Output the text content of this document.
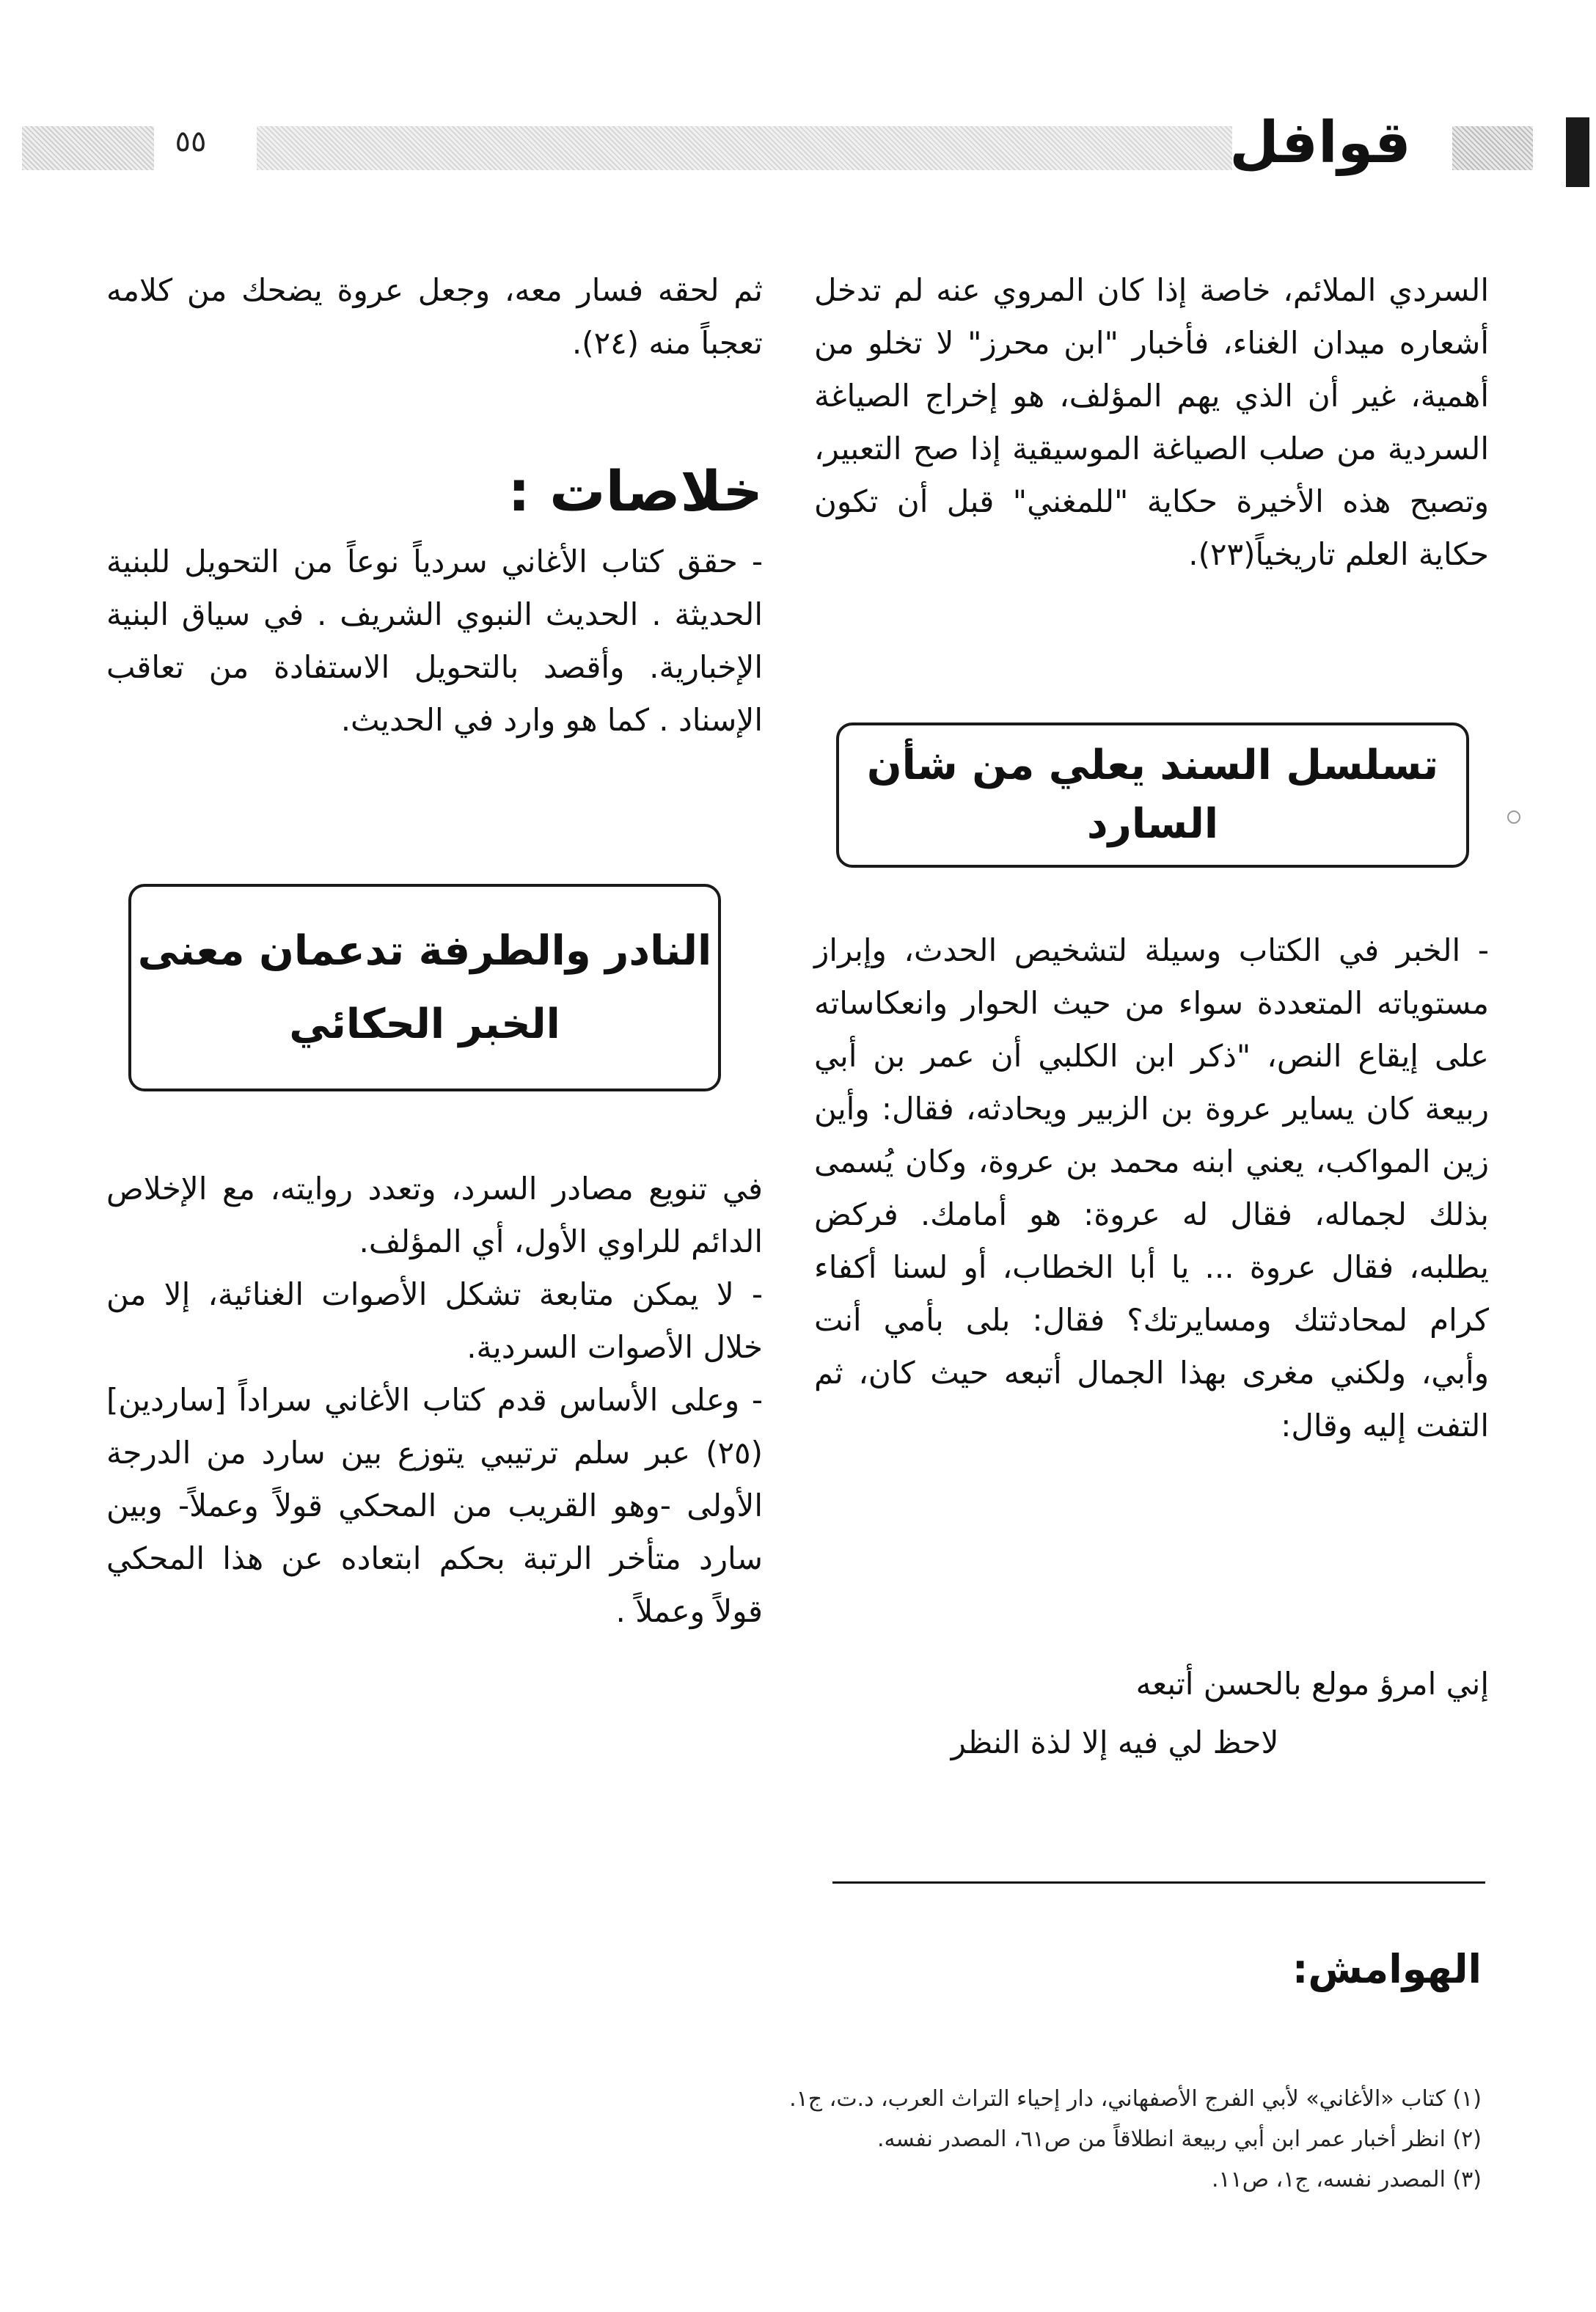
٥٥	قوافل

السردي الملائم، خاصة إذا كان المروي عنه لم تدخل أشعاره ميدان الغناء، فأخبار "ابن محرز" لا تخلو من أهمية، غير أن الذي يهم المؤلف، هو إخراج الصياغة السردية من صلب الصياغة الموسيقية إذا صح التعبير، وتصبح هذه الأخيرة حكاية "للمغني" قبل أن تكون حكاية العلم تاريخياً(٢٣).

تسلسل السند يعلي من شأن السارد

- الخبر في الكتاب وسيلة لتشخيص الحدث، وإبراز مستوياته المتعددة سواء من حيث الحوار وانعكاساته على إيقاع النص، "ذكر ابن الكلبي أن عمر بن أبي ربيعة كان يساير عروة بن الزبير ويحادثه، فقال: وأين زين المواكب، يعني ابنه محمد بن عروة، وكان يُسمى بذلك لجماله، فقال له عروة: هو أمامك. فركض يطلبه، فقال عروة ... يا أبا الخطاب، أو لسنا أكفاء كرام لمحادثتك ومسايرتك؟ فقال: بلى بأمي أنت وأبي، ولكني مغرى بهذا الجمال أتبعه حيث كان، ثم التفت إليه وقال:

إني امرؤ مولع بالحسن أتبعه
لاحظ لي فيه إلا لذة النظر

ثم لحقه فسار معه، وجعل عروة يضحك من كلامه تعجباً منه (٢٤).

خلاصات :

- حقق كتاب الأغاني سردياً نوعاً من التحويل للبنية الحديثة . الحديث النبوي الشريف . في سياق البنية الإخبارية. وأقصد بالتحويل الاستفادة من تعاقب الإسناد . كما هو وارد في الحديث.

النادر والطرفة تدعمان معنى
الخبر الحكائي

في تنويع مصادر السرد، وتعدد روايته، مع الإخلاص الدائم للراوي الأول، أي المؤلف.

- لا يمكن متابعة تشكل الأصوات الغنائية، إلا من خلال الأصوات السردية.

- وعلى الأساس قدم كتاب الأغاني سراداً [ساردين] (٢٥) عبر سلم ترتيبي يتوزع بين سارد من الدرجة الأولى -وهو القريب من المحكي قولاً وعملاً- وبين سارد متأخر الرتبة بحكم ابتعاده عن هذا المحكي قولاً وعملاً .

الهوامش:
(١) كتاب «الأغاني» لأبي الفرج الأصفهاني، دار إحياء التراث العرب، د.ت، ج١.
(٢) انظر أخبار عمر ابن أبي ربيعة انطلاقاً من ص٦١، المصدر نفسه.
(٣) المصدر نفسه، ج١، ص١١.
